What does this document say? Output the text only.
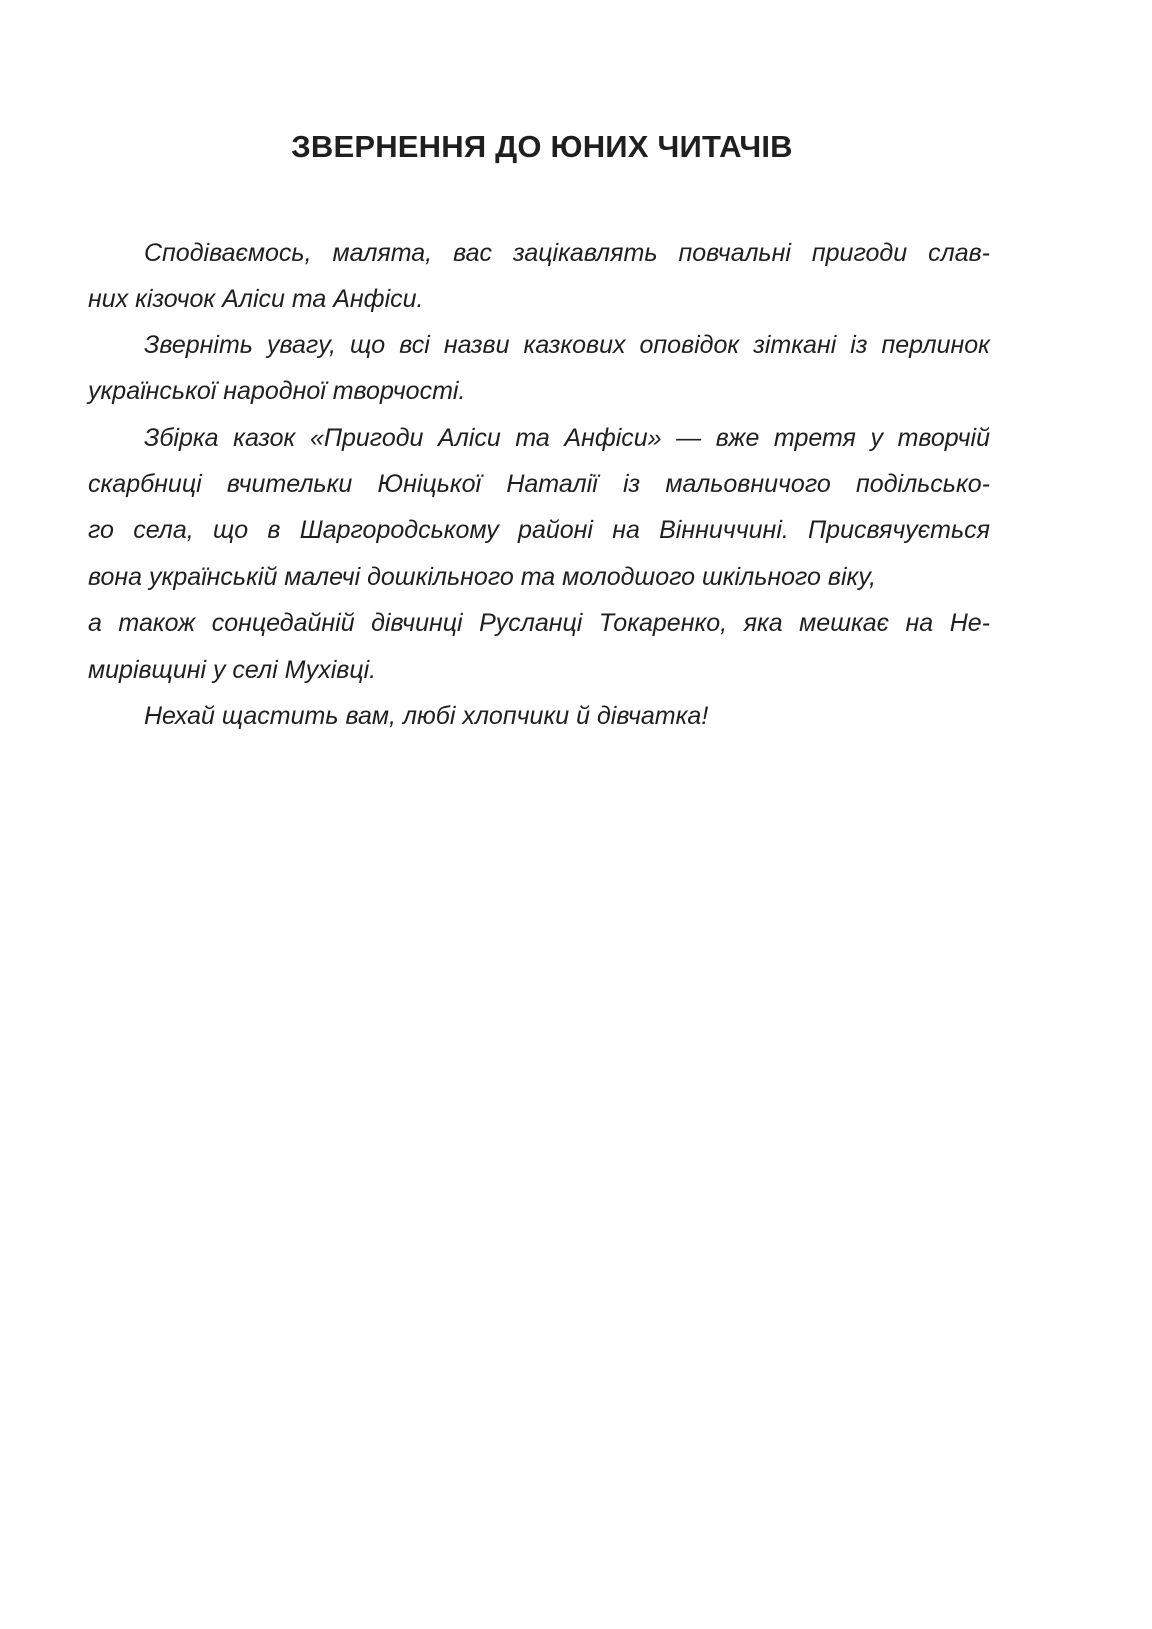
ЗВЕРНЕННЯ ДО ЮНИХ ЧИТАЧІВ
Сподіваємось, малята, вас зацікавлять повчальні пригоди слав-
них кізочок Аліси та Анфіси.
Зверніть увагу, що всі назви казкових оповідок зіткані із перлинок
української народної творчості.
Збірка казок «Пригоди Аліси та Анфіси» — вже третя у творчій
скарбниці вчительки Юніцької Наталії із мальовничого подільсько-
го села, що в Шаргородському районі на Вінниччині. Присвячується
вона українській малечі дошкільного та молодшого шкільного віку,
а також сонцедайній дівчинці Русланці Токаренко, яка мешкає на Не-
мирівщині у селі Мухівці.
Нехай щастить вам, любі хлопчики й дівчатка!
